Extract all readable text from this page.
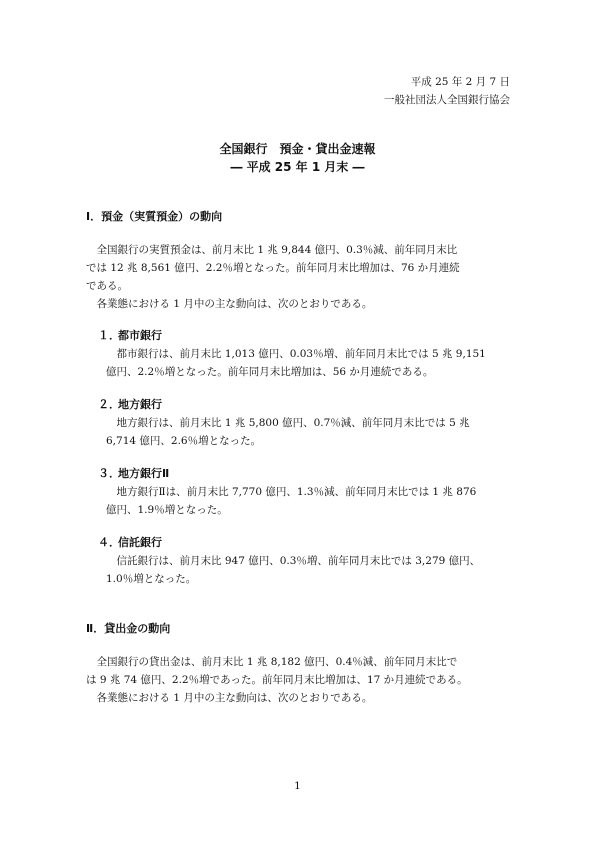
平成 25 年 2 月 7 日
一般社団法人全国銀行協会
全国銀行　預金・貸出金速報
― 平成 25 年 1 月末 ―
Ⅰ．預金（実質預金）の動向
　全国銀行の実質預金は、前月末比 1 兆 9,844 億円、0.3％減、前年同月末比
では 12 兆 8,561 億円、2.2％増となった。前年同月末比増加は、76 か月連続
である。
　各業態における 1 月中の主な動向は、次のとおりである。
１．都市銀行
　都市銀行は、前月末比 1,013 億円、0.03％増、前年同月末比では 5 兆 9,151
億円、2.2％増となった。前年同月末比増加は、56 か月連続である。
２．地方銀行
　地方銀行は、前月末比 1 兆 5,800 億円、0.7％減、前年同月末比では 5 兆
6,714 億円、2.6％増となった。
３．地方銀行Ⅱ
　地方銀行Ⅱは、前月末比 7,770 億円、1.3％減、前年同月末比では 1 兆 876
億円、1.9％増となった。
４．信託銀行
　信託銀行は、前月末比 947 億円、0.3％増、前年同月末比では 3,279 億円、
1.0％増となった。
Ⅱ．貸出金の動向
　全国銀行の貸出金は、前月末比 1 兆 8,182 億円、0.4％減、前年同月末比で
は 9 兆 74 億円、2.2％増であった。前年同月末比増加は、17 か月連続である。
　各業態における 1 月中の主な動向は、次のとおりである。
1
